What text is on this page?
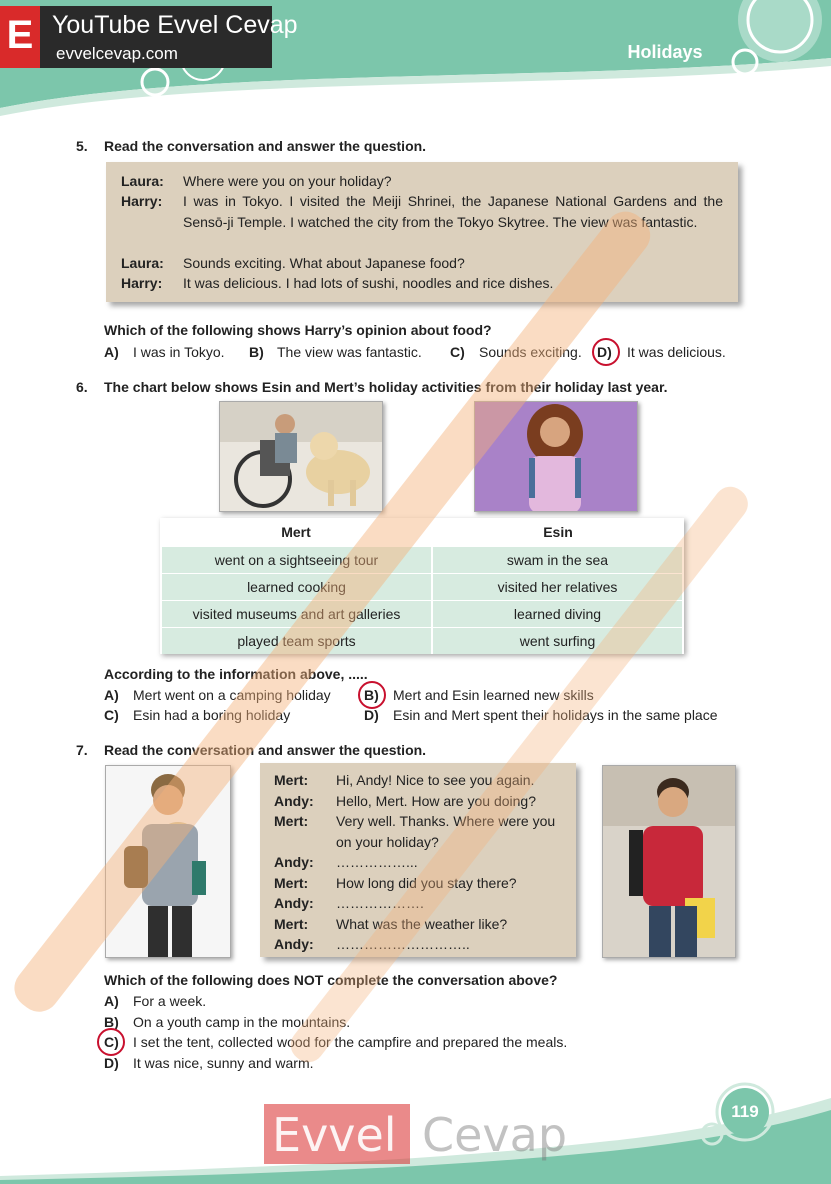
E YouTube Evvel Cevap
evvelcevap.com	Holidays
5. Read the conversation and answer the question.
Laura: Where were you on your holiday?
Harry: I was in Tokyo. I visited the Meiji Shrinei, the Japanese National Gardens and the Sensō-ji Temple. I watched the city from the Tokyo Skytree. The view was fantastic.
Laura: Sounds exciting. What about Japanese food?
Harry: It was delicious. I had lots of sushi, noodles and rice dishes.
Which of the following shows Harry’s opinion about food?
A) I was in Tokyo. B) The view was fantastic. C) Sounds exciting. D) It was delicious.
6. The chart below shows Esin and Mert’s holiday activities from their holiday last year.
Mert	Esin
went on a sightseeing tour	swam in the sea
learned cooking	visited her relatives
visited museums and art galleries	learned diving
played team sports	went surfing
According to the information above, .....
A) Mert went on a camping holiday B) Mert and Esin learned new skills
C) Esin had a boring holiday	D) Esin and Mert spent their holidays in the same place
7. Read the conversation and answer the question.
Mert: Hi, Andy! Nice to see you again.
Andy: Hello, Mert. How are you doing?
Mert: Very well. Thanks. Where were you
on your holiday?
Andy: ……………...
Mert: How long did you stay there?
Andy: ……………….
Mert: What was the weather like?
Andy: ………………………..
Which of the following does NOT complete the conversation above?
A) For a week.
B) On a youth camp in the mountains.
C) I set the tent, collected wood for the campfire and prepared the meals.
D) It was nice, sunny and warm.
119
Evvel Cevap
